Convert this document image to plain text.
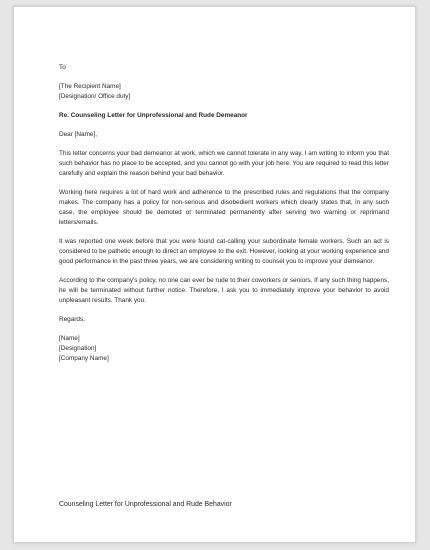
To
[The Recipient Name]
[Designation/ Office duty]
Re. Counseling Letter for Unprofessional and Rude Demeanor
Dear [Name],

This letter concerns your bad demeanor at work, which we cannot tolerate in any way. I am writing to inform you that such behavior has no place to be accepted, and you cannot go with your job here. You are required to read this letter carefully and explain the reason behind your bad behavior.

Working here requires a lot of hard work and adherence to the prescribed rules and regulations that the company makes. The company has a policy for non-serious and disobedient workers which clearly states that, in any such case, the employee should be demoted or terminated permanently after serving two warning or reprimand letters/emails.

It was reported one week before that you were found cat-calling your subordinate female workers. Such an act is considered to be pathetic enough to direct an employee to the exit. However, looking at your working experience and good performance in the past three years, we are considering writing to counsel you to improve your demeanor.

According to the company's policy, no one can ever be rude to their coworkers or seniors. If any such thing happens, he will be terminated without further notice. Therefore, I ask you to immediately improve your behavior to avoid unpleasant results. Thank you.

Regards,
[Name]
[Designation]
[Company Name]
Counseling Letter for Unprofessional and Rude Behavior
